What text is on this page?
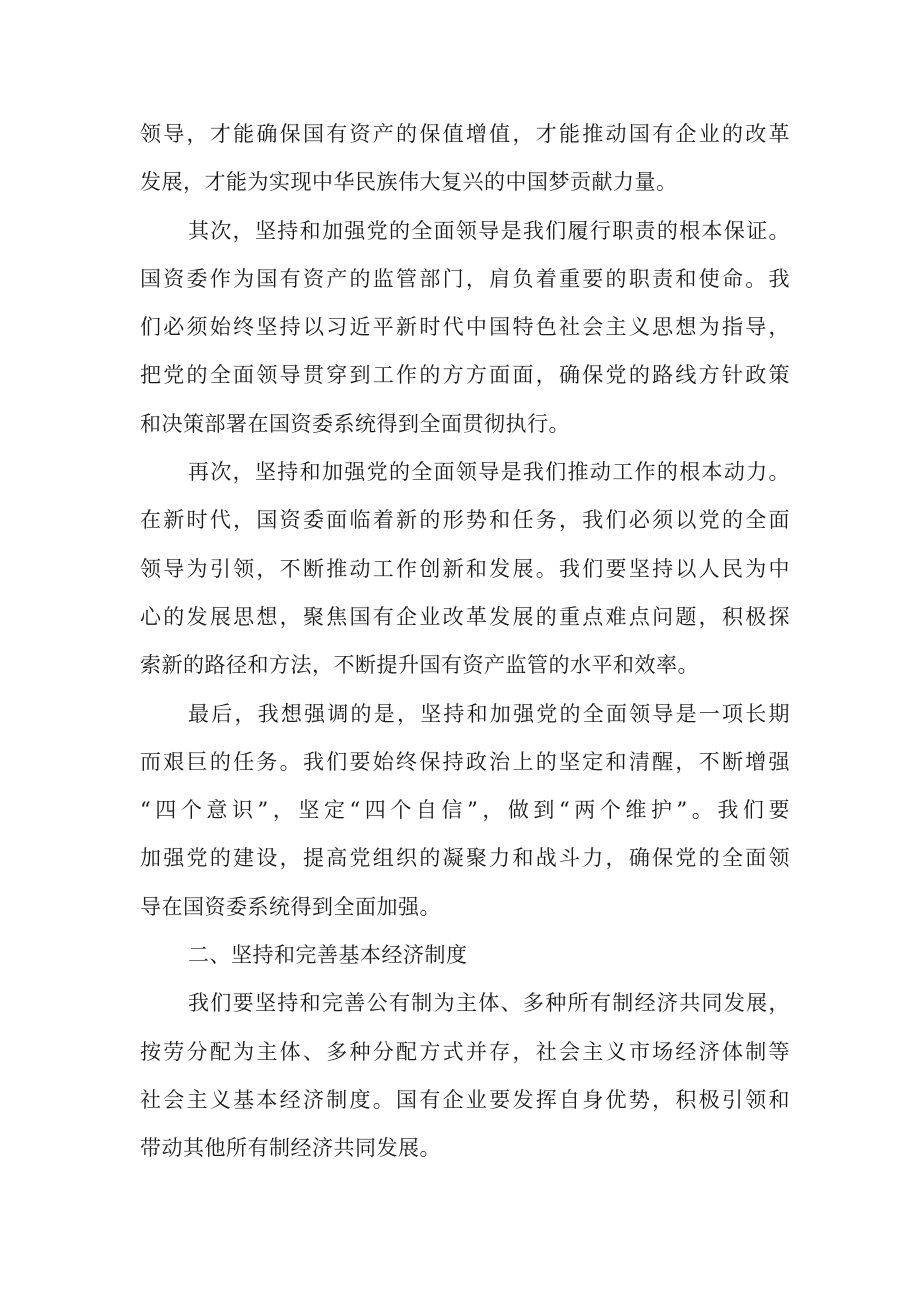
领导，才能确保国有资产的保值增值，才能推动国有企业的改革
发展，才能为实现中华民族伟大复兴的中国梦贡献力量。
其次，坚持和加强党的全面领导是我们履行职责的根本保证。
国资委作为国有资产的监管部门，肩负着重要的职责和使命。我
们必须始终坚持以习近平新时代中国特色社会主义思想为指导，
把党的全面领导贯穿到工作的方方面面，确保党的路线方针政策
和决策部署在国资委系统得到全面贯彻执行。
再次，坚持和加强党的全面领导是我们推动工作的根本动力。
在新时代，国资委面临着新的形势和任务，我们必须以党的全面
领导为引领，不断推动工作创新和发展。我们要坚持以人民为中
心的发展思想，聚焦国有企业改革发展的重点难点问题，积极探
索新的路径和方法，不断提升国有资产监管的水平和效率。
最后，我想强调的是，坚持和加强党的全面领导是一项长期
而艰巨的任务。我们要始终保持政治上的坚定和清醒，不断增强
“四个意识”，坚定“四个自信”，做到“两个维护”。我们要
加强党的建设，提高党组织的凝聚力和战斗力，确保党的全面领
导在国资委系统得到全面加强。
二、坚持和完善基本经济制度
我们要坚持和完善公有制为主体、多种所有制经济共同发展，
按劳分配为主体、多种分配方式并存，社会主义市场经济体制等
社会主义基本经济制度。国有企业要发挥自身优势，积极引领和
带动其他所有制经济共同发展。
